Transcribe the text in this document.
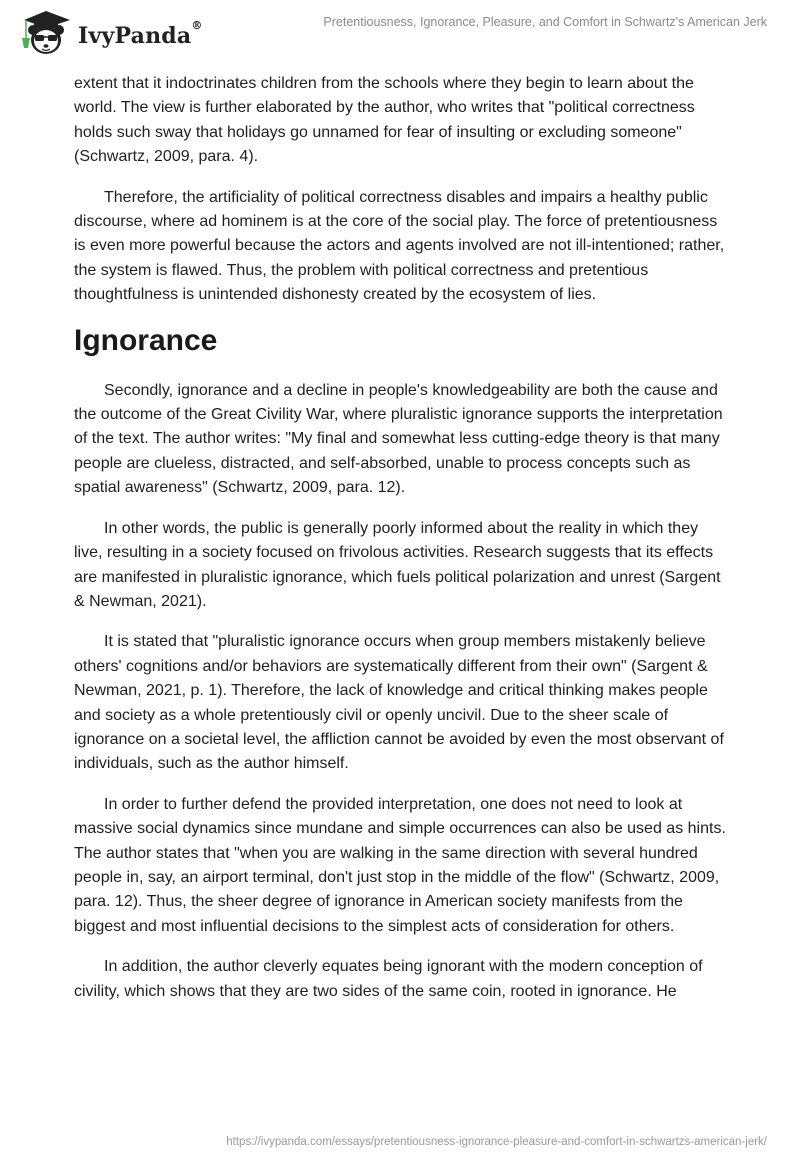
IvyPanda®	Pretentiousness, Ignorance, Pleasure, and Comfort in Schwartz's American Jerk

extent that it indoctrinates children from the schools where they begin to learn about the world. The view is further elaborated by the author, who writes that "political correctness holds such sway that holidays go unnamed for fear of insulting or excluding someone" (Schwartz, 2009, para. 4).

Therefore, the artificiality of political correctness disables and impairs a healthy public discourse, where ad hominem is at the core of the social play. The force of pretentiousness is even more powerful because the actors and agents involved are not ill-intentioned; rather, the system is flawed. Thus, the problem with political correctness and pretentious thoughtfulness is unintended dishonesty created by the ecosystem of lies.

Ignorance

Secondly, ignorance and a decline in people's knowledgeability are both the cause and the outcome of the Great Civility War, where pluralistic ignorance supports the interpretation of the text. The author writes: "My final and somewhat less cutting-edge theory is that many people are clueless, distracted, and self-absorbed, unable to process concepts such as spatial awareness" (Schwartz, 2009, para. 12).

In other words, the public is generally poorly informed about the reality in which they live, resulting in a society focused on frivolous activities. Research suggests that its effects are manifested in pluralistic ignorance, which fuels political polarization and unrest (Sargent & Newman, 2021).

It is stated that "pluralistic ignorance occurs when group members mistakenly believe others' cognitions and/or behaviors are systematically different from their own" (Sargent & Newman, 2021, p. 1). Therefore, the lack of knowledge and critical thinking makes people and society as a whole pretentiously civil or openly uncivil. Due to the sheer scale of ignorance on a societal level, the affliction cannot be avoided by even the most observant of individuals, such as the author himself.

In order to further defend the provided interpretation, one does not need to look at massive social dynamics since mundane and simple occurrences can also be used as hints. The author states that "when you are walking in the same direction with several hundred people in, say, an airport terminal, don't just stop in the middle of the flow" (Schwartz, 2009, para. 12). Thus, the sheer degree of ignorance in American society manifests from the biggest and most influential decisions to the simplest acts of consideration for others.

In addition, the author cleverly equates being ignorant with the modern conception of civility, which shows that they are two sides of the same coin, rooted in ignorance. He

https://ivypanda.com/essays/pretentiousness-ignorance-pleasure-and-comfort-in-schwartzs-american-jerk/
